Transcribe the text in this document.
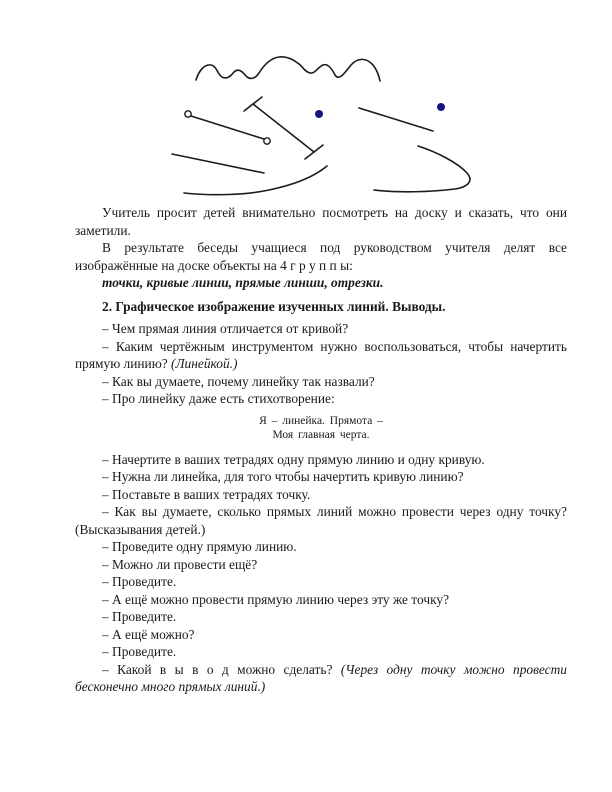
Учитель просит детей внимательно посмотреть на доску и сказать, что они заметили.

В результате беседы учащиеся под руководством учителя делят все изображённые на доске объекты на 4 г р у п п ы:

точки, кривые линии, прямые линши, отрезки.

2. Графическое изображение изученных линий. Выводы.

– Чем прямая линия отличается от кривой?

– Каким чертёжным инструментом нужно воспользоваться, чтобы начертить прямую линию? (Линейкой.)

– Как вы думаете, почему линейку так назвали?

– Про линейку даже есть стихотворение:

Я – линейка. Прямота –

Моя главная черта.

– Начертите в ваших тетрадях одну прямую линию и одну кривую.

– Нужна ли линейка, для того чтобы начертить кривую линию?

– Поставьте в ваших тетрадях точку.

– Как вы думаете, сколько прямых линий можно провести через одну точку? (Высказывания детей.)

– Проведите одну прямую линию.

– Можно ли провести ещё?

– Проведите.

– А ещё можно провести прямую линию через эту же точку?

– Проведите.

– А ещё можно?

– Проведите.

– Какой в ы в о д можно сделать? (Через одну точку можно провести бесконечно много прямых линий.)
